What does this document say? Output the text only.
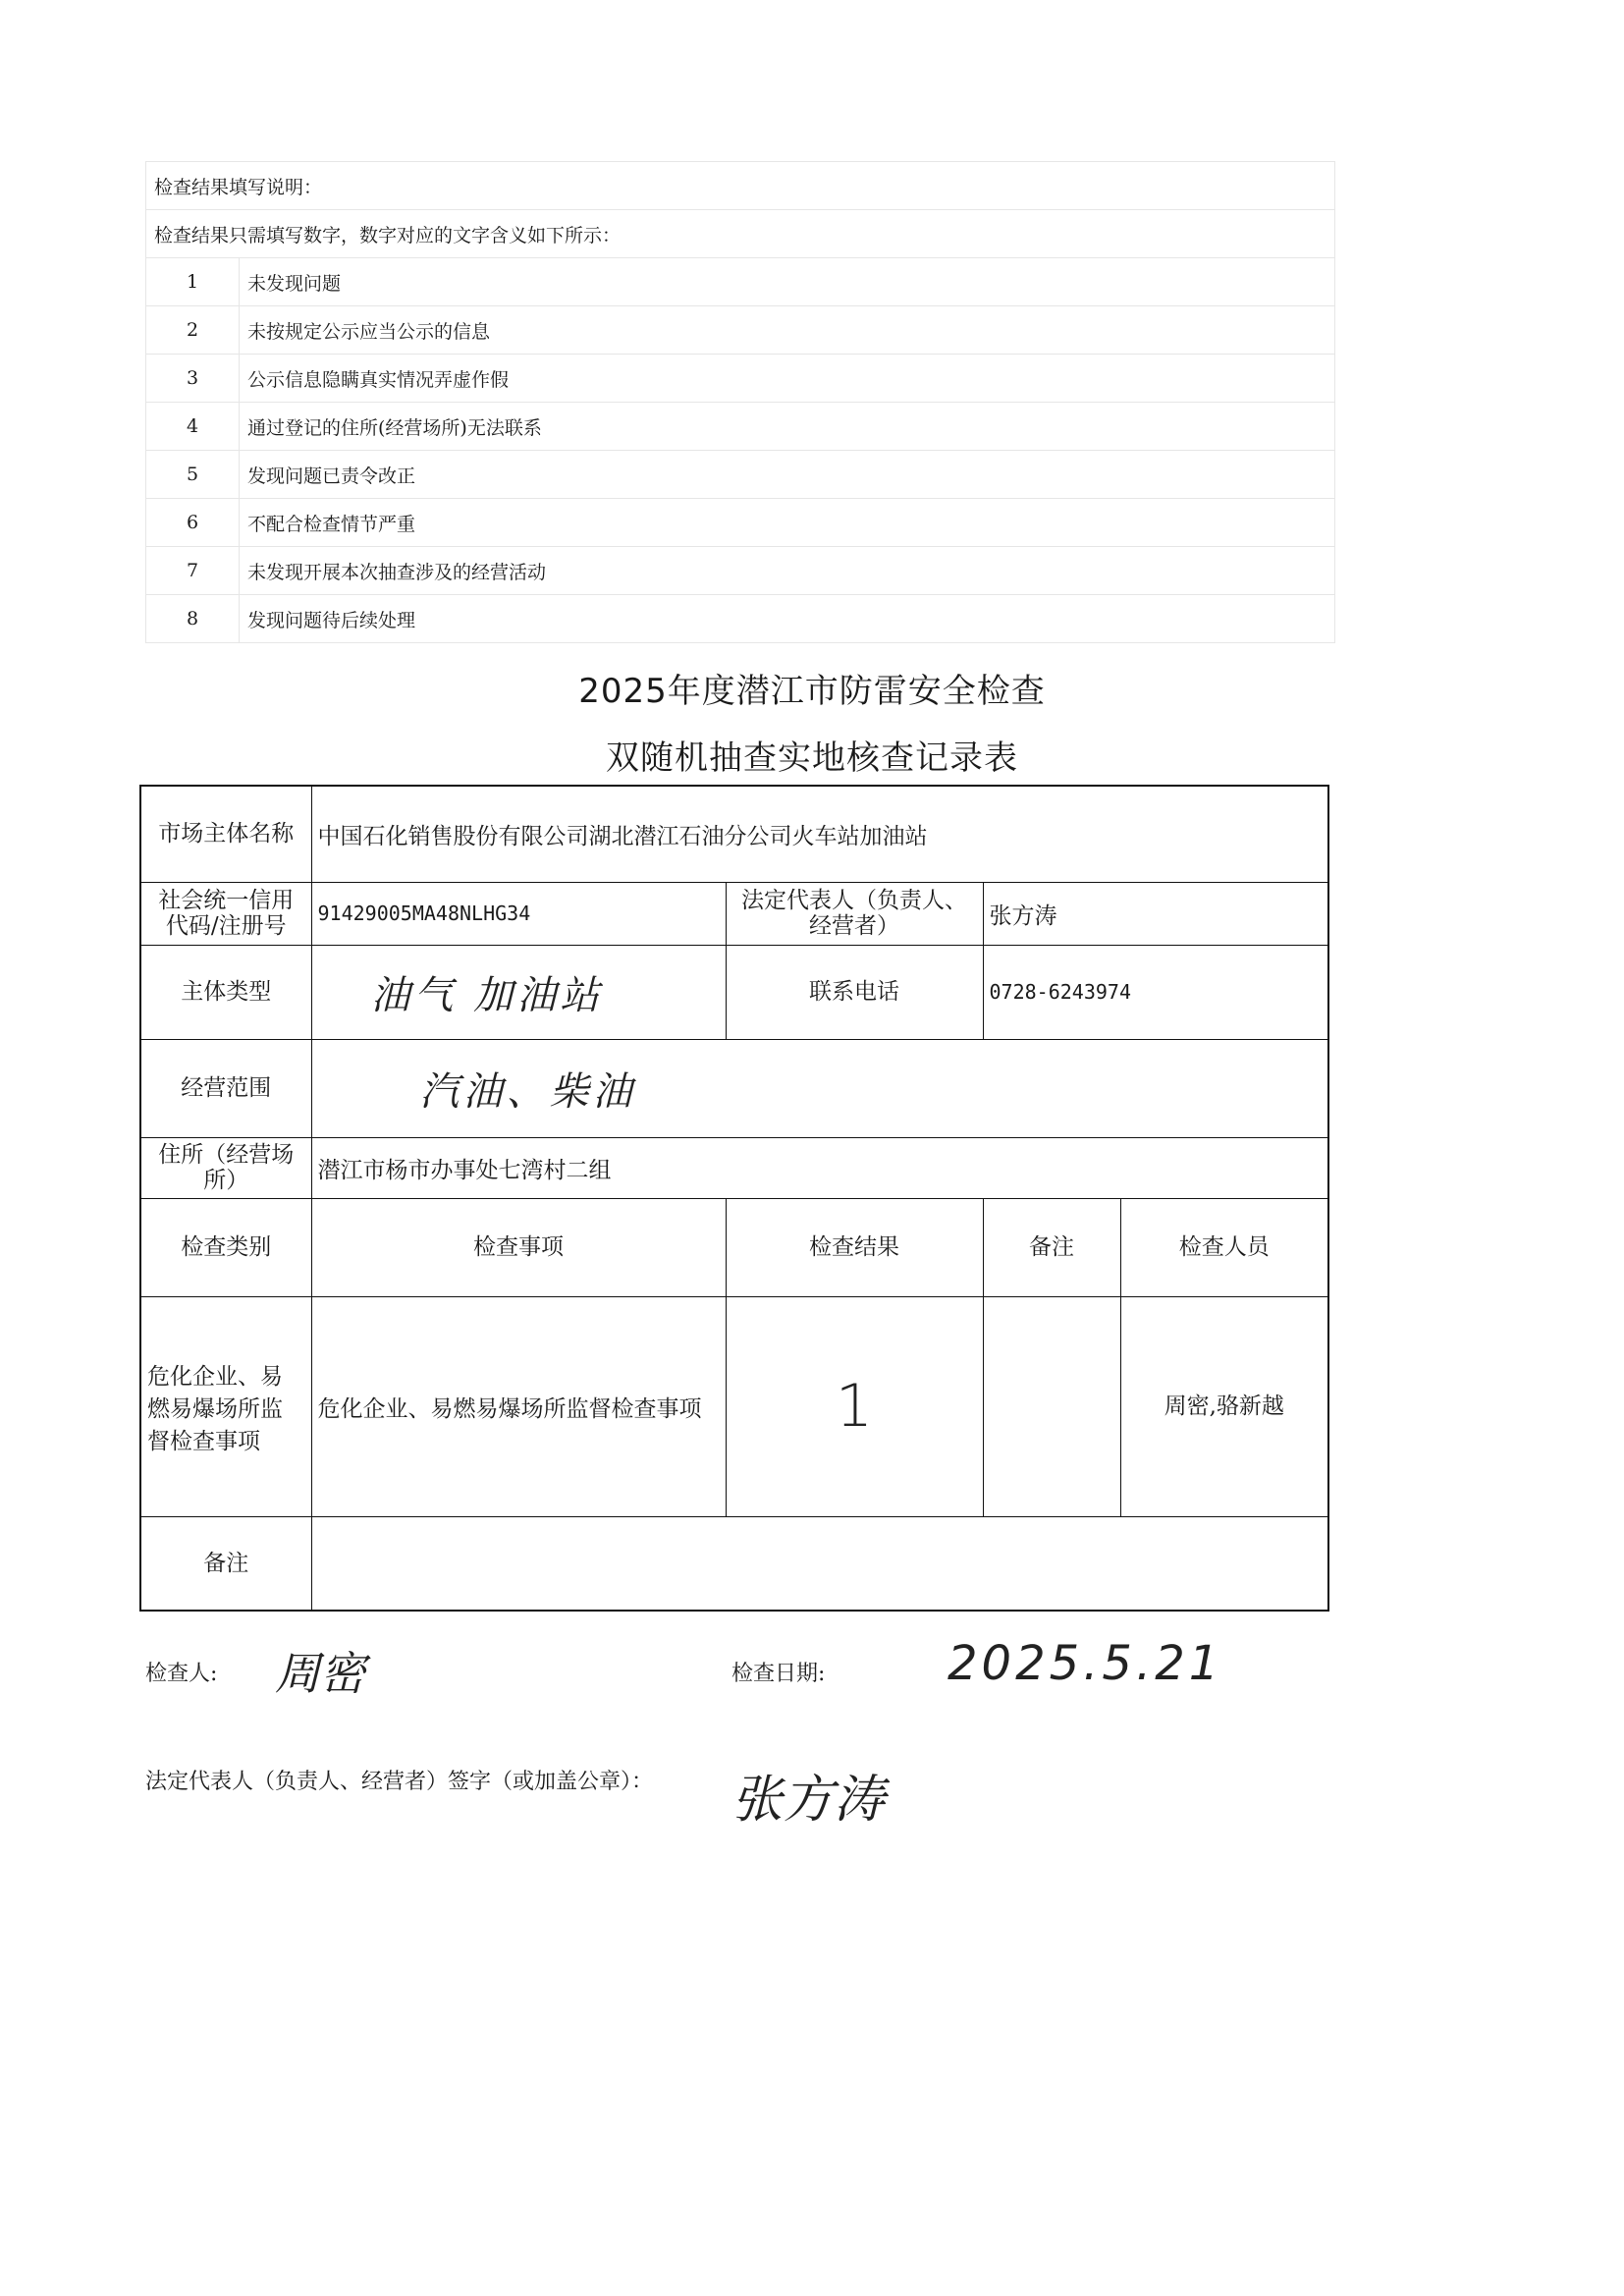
检查结果填写说明：	
检查结果只需填写数字，数字对应的文字含义如下所示：	
1	未发现问题
2	未按规定公示应当公示的信息
3	公示信息隐瞒真实情况弄虚作假
4	通过登记的住所(经营场所)无法联系
5	发现问题已责令改正
6	不配合检查情节严重
7	未发现开展本次抽查涉及的经营活动
8	发现问题待后续处理
2025年度潜江市防雷安全检查
双随机抽查实地核查记录表
市场主体名称	中国石化销售股份有限公司湖北潜江石油分公司火车站加油站			
社会统一信用代码/注册号	91429005MA48NLHG34	法定代表人（负责人、经营者）	张方涛	
主体类型	油气 加油站	联系电话	0728-6243974	
经营范围	汽油、柴油			
住所（经营场所）	潜江市杨市办事处七湾村二组			
检查类别	检查事项	检查结果	备注	检查人员
危化企业、易燃易爆场所监督检查事项	危化企业、易燃易爆场所监督检查事项	1		周密,骆新越
备注				
检查人: 周密	检查日期:	2025.5.21
法定代表人（负责人、经营者）签字（或加盖公章）： 张方涛
